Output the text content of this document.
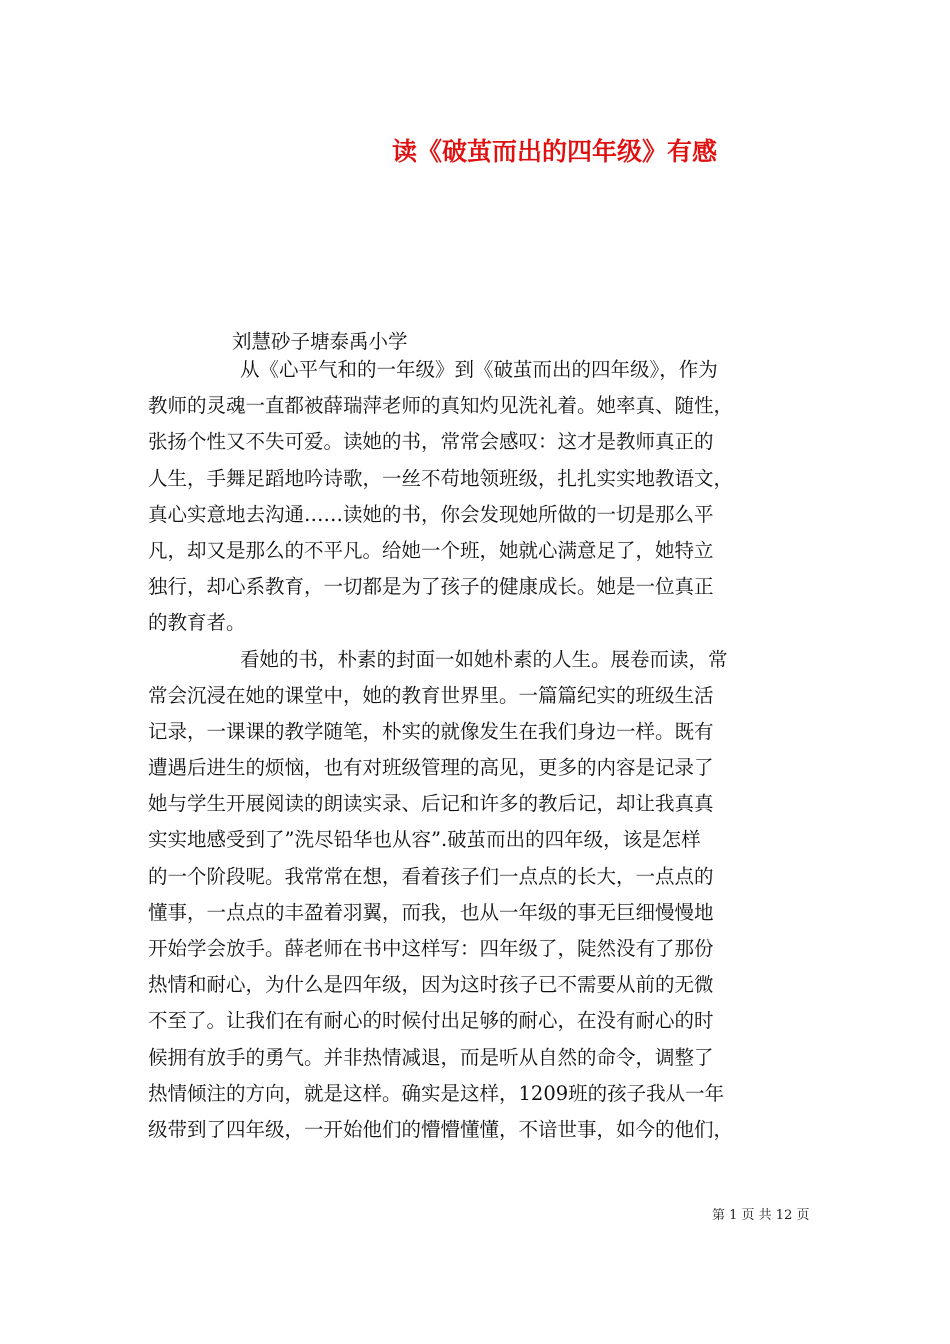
读《破茧而出的四年级》有感
刘慧砂子塘泰禹小学
从《心平气和的一年级》到《破茧而出的四年级》，作为
教师的灵魂一直都被薛瑞萍老师的真知灼见洗礼着。她率真、随性，
张扬个性又不失可爱。读她的书，常常会感叹：这才是教师真正的
人生，手舞足蹈地吟诗歌，一丝不苟地领班级，扎扎实实地教语文，
真心实意地去沟通……读她的书，你会发现她所做的一切是那么平
凡，却又是那么的不平凡。给她一个班，她就心满意足了，她特立
独行，却心系教育，一切都是为了孩子的健康成长。她是一位真正
的教育者。
看她的书，朴素的封面一如她朴素的人生。展卷而读，常
常会沉浸在她的课堂中，她的教育世界里。一篇篇纪实的班级生活
记录，一课课的教学随笔，朴实的就像发生在我们身边一样。既有
遭遇后进生的烦恼，也有对班级管理的高见，更多的内容是记录了
她与学生开展阅读的朗读实录、后记和许多的教后记，却让我真真
实实地感受到了”洗尽铅华也从容”.破茧而出的四年级，该是怎样
的一个阶段呢。我常常在想，看着孩子们一点点的长大，一点点的
懂事，一点点的丰盈着羽翼，而我，也从一年级的事无巨细慢慢地
开始学会放手。薛老师在书中这样写：四年级了，陡然没有了那份
热情和耐心，为什么是四年级，因为这时孩子已不需要从前的无微
不至了。让我们在有耐心的时候付出足够的耐心，在没有耐心的时
候拥有放手的勇气。并非热情减退，而是听从自然的命令，调整了
热情倾注的方向，就是这样。确实是这样，1209班的孩子我从一年
级带到了四年级，一开始他们的懵懵懂懂，不谙世事，如今的他们，
第 1 页 共 12 页
